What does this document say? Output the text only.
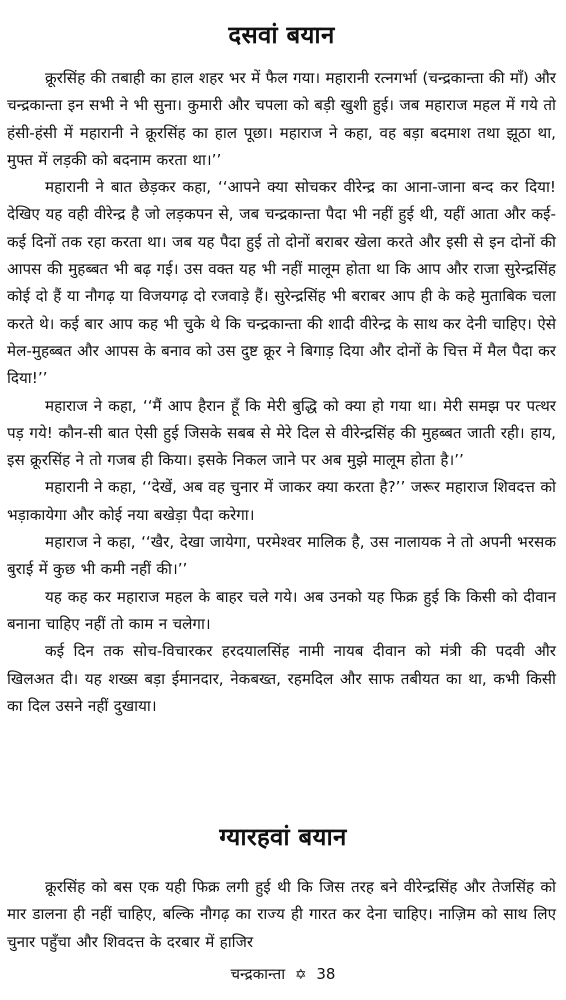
दसवां बयान

क्रूरसिंह की तबाही का हाल शहर भर में फैल गया। महारानी रत्नगर्भा (चन्द्रकान्ता की माँ) और चन्द्रकान्ता इन सभी ने भी सुना। कुमारी और चपला को बड़ी खुशी हुई। जब महाराज महल में गये तो हंसी-हंसी में महारानी ने क्रूरसिंह का हाल पूछा। महाराज ने कहा, वह बड़ा बदमाश तथा झूठा था, मुफ्त में लड़की को बदनाम करता था।’’

महारानी ने बात छेड़कर कहा, ‘‘आपने क्या सोचकर वीरेन्द्र का आना-जाना बन्द कर दिया! देखिए यह वही वीरेन्द्र है जो लड़कपन से, जब चन्द्रकान्ता पैदा भी नहीं हुई थी, यहीं आता और कई-कई दिनों तक रहा करता था। जब यह पैदा हुई तो दोनों बराबर खेला करते और इसी से इन दोनों की आपस की मुहब्बत भी बढ़ गई। उस वक्त यह भी नहीं मालूम होता था कि आप और राजा सुरेन्द्रसिंह कोई दो हैं या नौगढ़ या विजयगढ़ दो रजवाड़े हैं। सुरेन्द्रसिंह भी बराबर आप ही के कहे मुताबिक चला करते थे। कई बार आप कह भी चुके थे कि चन्द्रकान्ता की शादी वीरेन्द्र के साथ कर देनी चाहिए। ऐसे मेल-मुहब्बत और आपस के बनाव को उस दुष्ट क्रूर ने बिगाड़ दिया और दोनों के चित्त में मैल पैदा कर दिया!’’

महाराज ने कहा, ‘‘मैं आप हैरान हूँ कि मेरी बुद्धि को क्या हो गया था। मेरी समझ पर पत्थर पड़ गये! कौन-सी बात ऐसी हुई जिसके सबब से मेरे दिल से वीरेन्द्रसिंह की मुहब्बत जाती रही। हाय, इस क्रूरसिंह ने तो गजब ही किया। इसके निकल जाने पर अब मुझे मालूम होता है।’’

महारानी ने कहा, ‘‘देखें, अब वह चुनार में जाकर क्या करता है?’’ जरूर महाराज शिवदत्त को भड़ाकायेगा और कोई नया बखेड़ा पैदा करेगा।

महाराज ने कहा, ‘‘खैर, देखा जायेगा, परमेश्वर मालिक है, उस नालायक ने तो अपनी भरसक बुराई में कुछ भी कमी नहीं की।’’

यह कह कर महाराज महल के बाहर चले गये। अब उनको यह फिक्र हुई कि किसी को दीवान बनाना चाहिए नहीं तो काम न चलेगा।

कई दिन तक सोच-विचारकर हरदयालसिंह नामी नायब दीवान को मंत्री की पदवी और खिलअत दी। यह शख्स बड़ा ईमानदार, नेकबख्त, रहमदिल और साफ तबीयत का था, कभी किसी का दिल उसने नहीं दुखाया।

ग्यारहवां बयान

क्रूरसिंह को बस एक यही फिक्र लगी हुई थी कि जिस तरह बने वीरेन्द्रसिंह और तेजसिंह को मार डालना ही नहीं चाहिए, बल्कि नौगढ़ का राज्य ही गारत कर देना चाहिए। नाज़िम को साथ लिए चुनार पहुँचा और शिवदत्त के दरबार में हाजिर

चन्द्रकान्ता ✡ 38
